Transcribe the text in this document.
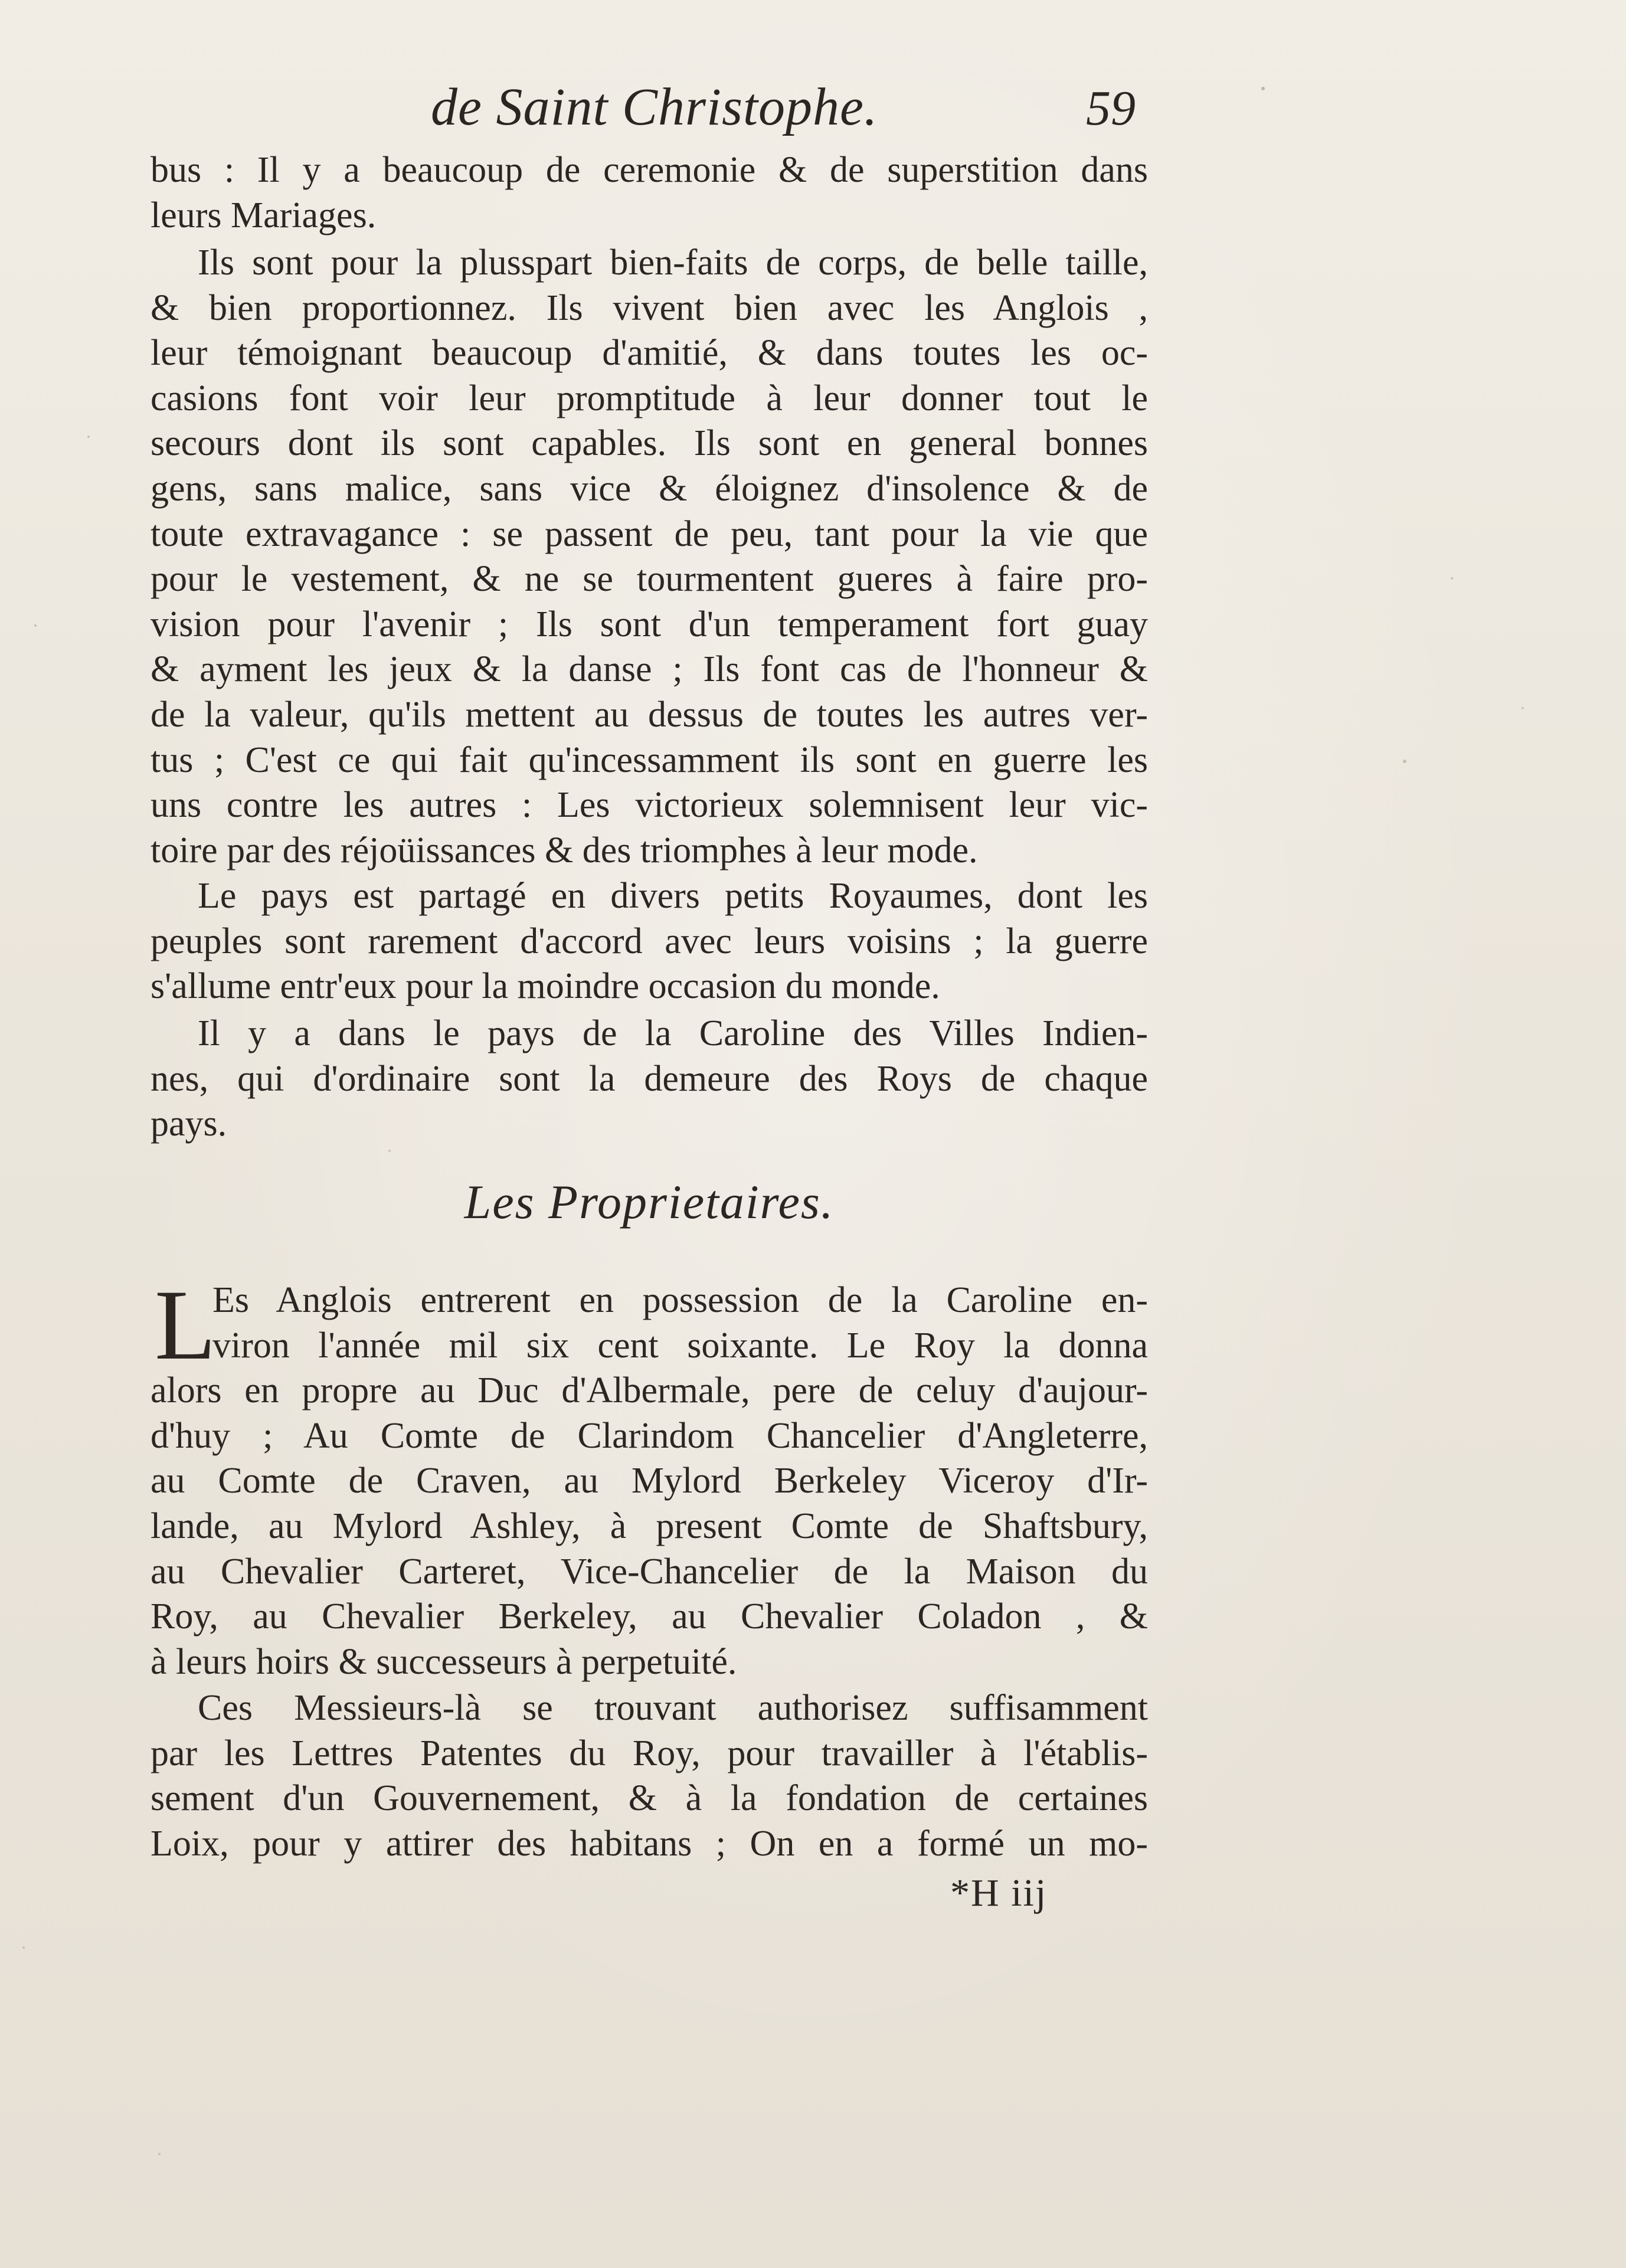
de Saint Christophe.	59
bus : Il y a beaucoup de ceremonie & de superstition dans
leurs Mariages.
Ils sont pour la plusspart bien-faits de corps, de belle taille,
& bien proportionnez. Ils vivent bien avec les Anglois ,
leur témoignant beaucoup d'amitié, & dans toutes les oc-
casions font voir leur promptitude à leur donner tout le
secours dont ils sont capables. Ils sont en general bonnes
gens, sans malice, sans vice & éloignez d'insolence & de
toute extravagance : se passent de peu, tant pour la vie que
pour le vestement, & ne se tourmentent gueres à faire pro-
vision pour l'avenir ; Ils sont d'un temperament fort guay
& ayment les jeux & la danse ; Ils font cas de l'honneur &
de la valeur, qu'ils mettent au dessus de toutes les autres ver-
tus ; C'est ce qui fait qu'incessamment ils sont en guerre les
uns contre les autres : Les victorieux solemnisent leur vic-
toire par des réjoüissances & des triomphes à leur mode.
Le pays est partagé en divers petits Royaumes, dont les
peuples sont rarement d'accord avec leurs voisins ; la guerre
s'allume entr'eux pour la moindre occasion du monde.
Il y a dans le pays de la Caroline des Villes Indien-
nes, qui d'ordinaire sont la demeure des Roys de chaque
pays.
Les Proprietaires.
L
Es Anglois entrerent en possession de la Caroline en-
viron l'année mil six cent soixante. Le Roy la donna
alors en propre au Duc d'Albermale, pere de celuy d'aujour-
d'huy ; Au Comte de Clarindom Chancelier d'Angleterre,
au Comte de Craven, au Mylord Berkeley Viceroy d'Ir-
lande, au Mylord Ashley, à present Comte de Shaftsbury,
au Chevalier Carteret, Vice-Chancelier de la Maison du
Roy, au Chevalier Berkeley, au Chevalier Coladon , &
à leurs hoirs & successeurs à perpetuité.
Ces Messieurs-là se trouvant authorisez suffisamment
par les Lettres Patentes du Roy, pour travailler à l'établis-
sement d'un Gouvernement, & à la fondation de certaines
Loix, pour y attirer des habitans ; On en a formé un mo-
*H iij
